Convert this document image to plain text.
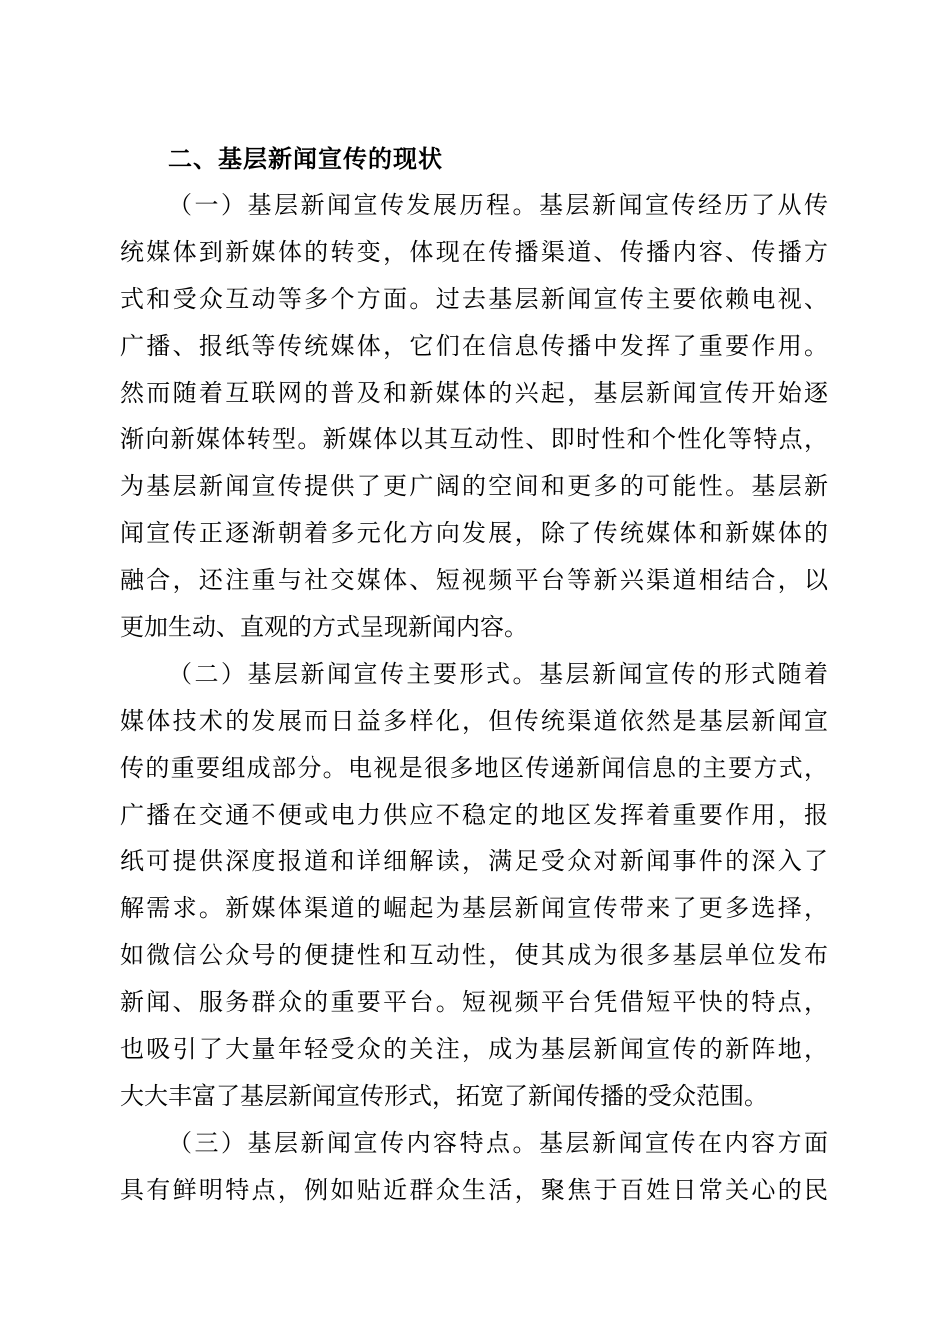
二、基层新闻宣传的现状

（一）基层新闻宣传发展历程。基层新闻宣传经历了从传
统媒体到新媒体的转变，体现在传播渠道、传播内容、传播方
式和受众互动等多个方面。过去基层新闻宣传主要依赖电视、
广播、报纸等传统媒体，它们在信息传播中发挥了重要作用。
然而随着互联网的普及和新媒体的兴起，基层新闻宣传开始逐
渐向新媒体转型。新媒体以其互动性、即时性和个性化等特点，
为基层新闻宣传提供了更广阔的空间和更多的可能性。基层新
闻宣传正逐渐朝着多元化方向发展，除了传统媒体和新媒体的
融合，还注重与社交媒体、短视频平台等新兴渠道相结合，以
更加生动、直观的方式呈现新闻内容。

（二）基层新闻宣传主要形式。基层新闻宣传的形式随着
媒体技术的发展而日益多样化，但传统渠道依然是基层新闻宣
传的重要组成部分。电视是很多地区传递新闻信息的主要方式，
广播在交通不便或电力供应不稳定的地区发挥着重要作用，报
纸可提供深度报道和详细解读，满足受众对新闻事件的深入了
解需求。新媒体渠道的崛起为基层新闻宣传带来了更多选择，
如微信公众号的便捷性和互动性，使其成为很多基层单位发布
新闻、服务群众的重要平台。短视频平台凭借短平快的特点，
也吸引了大量年轻受众的关注，成为基层新闻宣传的新阵地，
大大丰富了基层新闻宣传形式，拓宽了新闻传播的受众范围。

（三）基层新闻宣传内容特点。基层新闻宣传在内容方面
具有鲜明特点，例如贴近群众生活，聚焦于百姓日常关心的民
